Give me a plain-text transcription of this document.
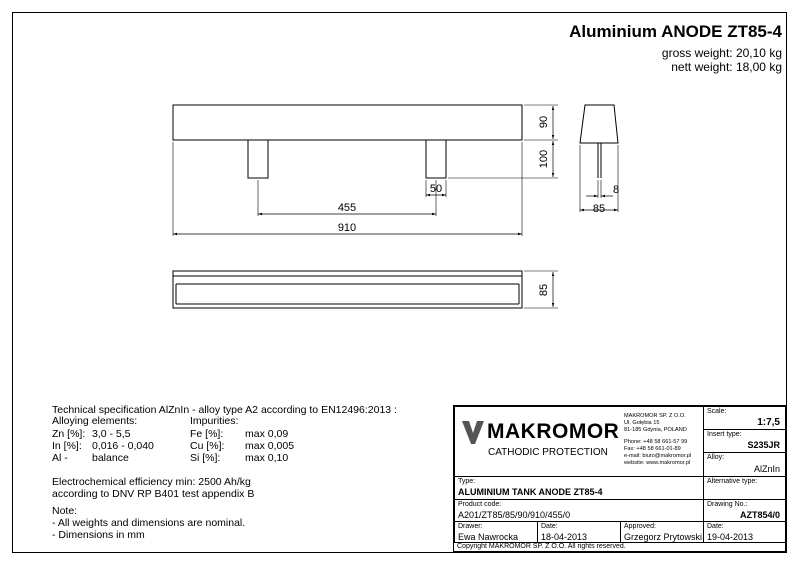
Aluminium ANODE ZT85-4
gross weight: 20,10 kg
nett weight: 18,00 kg
90
100
50
455
910
8
85
85
Technical specification AlZnIn - alloy type A2 according to EN12496:2013 :
Alloying elements:	Impurities:
Zn [%]: 3,0 - 5,5	Fe [%]: max 0,09
In [%]: 0,016 - 0,040	Cu [%]: max 0,005
Al - balance	Si [%]: max 0,10
Electrochemical efficiency min: 2500 Ah/kg
according to DNV RP B401 test appendix B
Note:
- All weights and dimensions are nominal.
- Dimensions in mm
MAKROMOR
CATHODIC PROTECTION
MAKROMOR SP. Z O.O.
Ul. Gołębia 15
81-185 Gdynia, POLAND
Phone: +48 58 661-57 99
Fax: +48 58 661-01-89
e-mail: biuro@makromor.pl
website: www.makromor.pl
Scale:
1:7,5
Insert type:
S235JR
Alloy:
AlZnIn
Type:
ALUMINIUM TANK ANODE ZT85-4
Alternative type:
Product code:
A201/ZT85/85/90/910/455/0
Drawing No.:
AZT854/0
Drawer:
Ewa Nawrocka
Date:
18-04-2013
Approved:
Grzegorz Prytowski
Date:
19-04-2013
Copyright MAKROMOR SP. Z O.O. All rights reserved.
